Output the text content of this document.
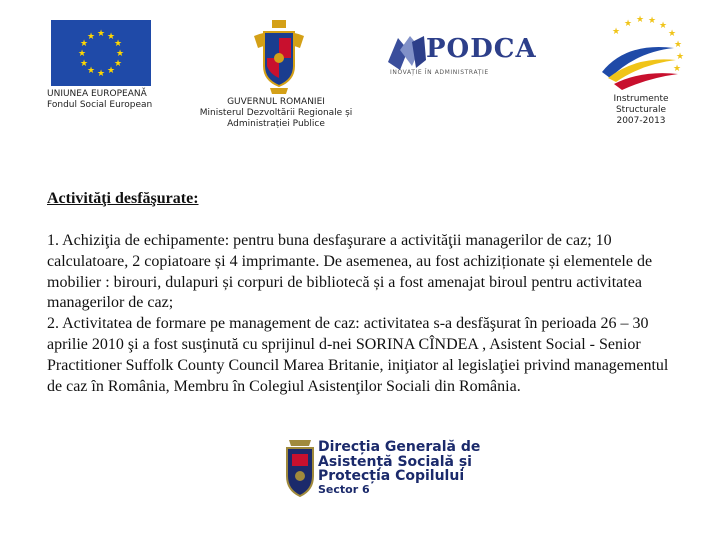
★ ★
★
★
★
★
★
★
★
★
★
★
UNIUNEA EUROPEANĂ
Fondul Social European	GUVERNUL ROMANIEI
Ministerul Dezvoltării Regionale și
Administrației Publice
PODCA
INOVAȚIE ÎN ADMINISTRAȚIE
★ ★ ★ ★
★
★
★
★
★
Instrumente
Structurale
2007-2013
Activităţi desfăşurate:

1. Achiziţia de echipamente: pentru buna desfaşurare a activităţii managerilor de caz; 10 calculatoare, 2 copiatoare și 4 imprimante. De asemenea, au fost achiziționate și elementele de mobilier : birouri, dulapuri și corpuri de bibliotecă și a fost amenajat biroul pentru activitatea managerilor de caz;

2. Activitatea de formare pe management de caz: activitatea s-a desfăşurat în perioada 26 – 30 aprilie 2010 şi a fost susţinută cu sprijinul d-nei SORINA CÎNDEA , Asistent Social - Senior Practitioner Suffolk County Council Marea Britanie, iniţiator al legislaţiei privind managementul de caz în România, Membru în Colegiul Asistenţilor Sociali din România.

Direcția Generală de
Asistență Socială și
Protecția Copilului
Sector 6
